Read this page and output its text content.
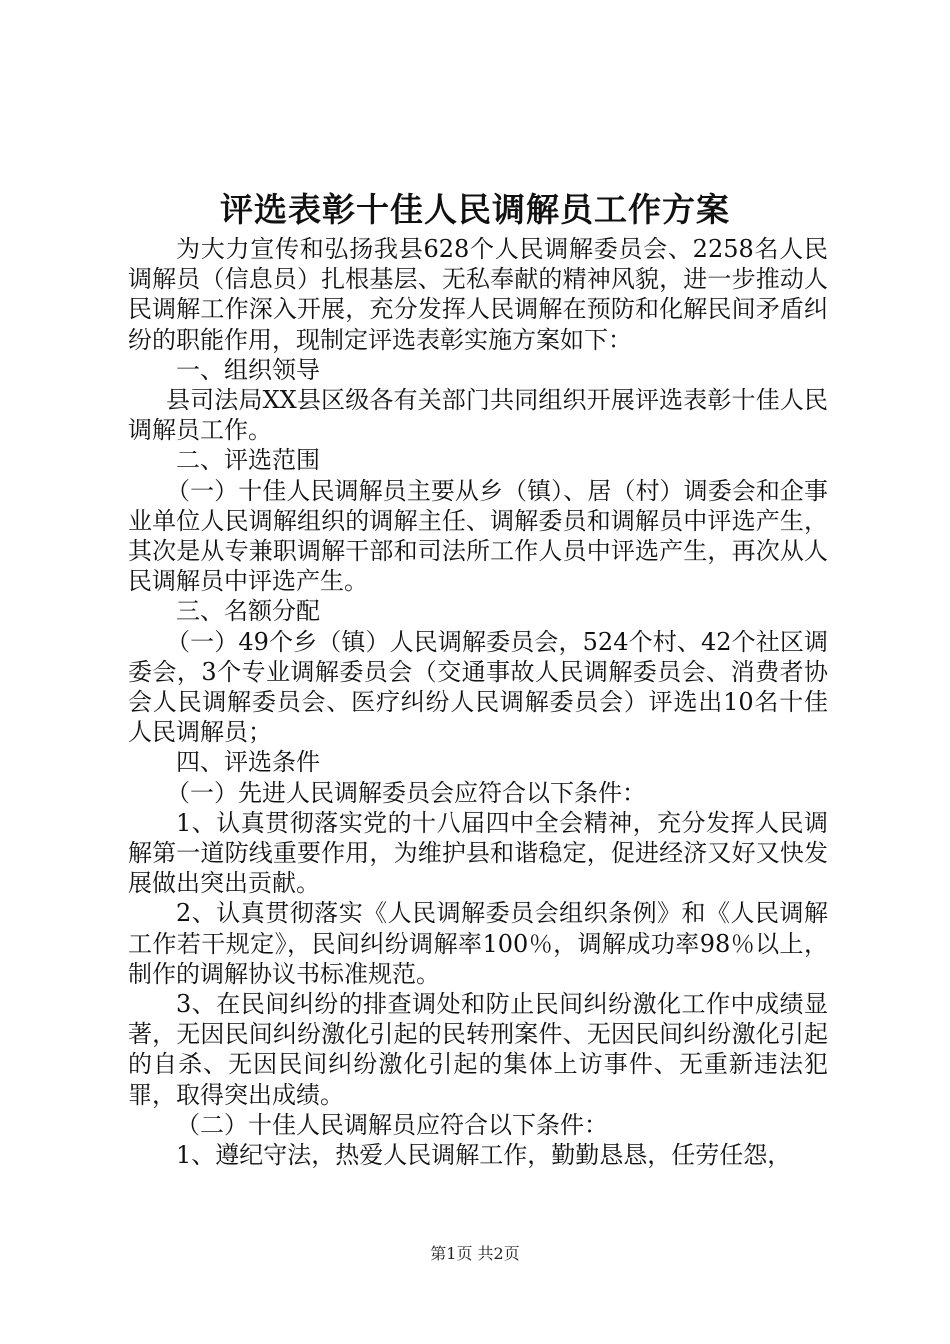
评选表彰十佳人民调解员工作方案

为大力宣传和弘扬我县628个人民调解委员会、2258名人民调解员（信息员）扎根基层、无私奉献的精神风貌，进一步推动人民调解工作深入开展，充分发挥人民调解在预防和化解民间矛盾纠纷的职能作用，现制定评选表彰实施方案如下：

一、组织领导

县司法局XX县区级各有关部门共同组织开展评选表彰十佳人民调解员工作。

二、评选范围

（一）十佳人民调解员主要从乡（镇）、居（村）调委会和企事业单位人民调解组织的调解主任、调解委员和调解员中评选产生，其次是从专兼职调解干部和司法所工作人员中评选产生，再次从人民调解员中评选产生。

三、名额分配

（一）49个乡（镇）人民调解委员会，524个村、42个社区调委会，3个专业调解委员会（交通事故人民调解委员会、消费者协会人民调解委员会、医疗纠纷人民调解委员会）评选出10名十佳人民调解员；

四、评选条件

（一）先进人民调解委员会应符合以下条件：

1、认真贯彻落实党的十八届四中全会精神，充分发挥人民调解第一道防线重要作用，为维护县和谐稳定，促进经济又好又快发展做出突出贡献。

2、认真贯彻落实《人民调解委员会组织条例》和《人民调解工作若干规定》，民间纠纷调解率100％，调解成功率98％以上，制作的调解协议书标准规范。

3、在民间纠纷的排查调处和防止民间纠纷激化工作中成绩显著，无因民间纠纷激化引起的民转刑案件、无因民间纠纷激化引起的自杀、无因民间纠纷激化引起的集体上访事件、无重新违法犯罪，取得突出成绩。

（二）十佳人民调解员应符合以下条件：

1、遵纪守法，热爱人民调解工作，勤勤恳恳，任劳任怨，

第1页 共2页
